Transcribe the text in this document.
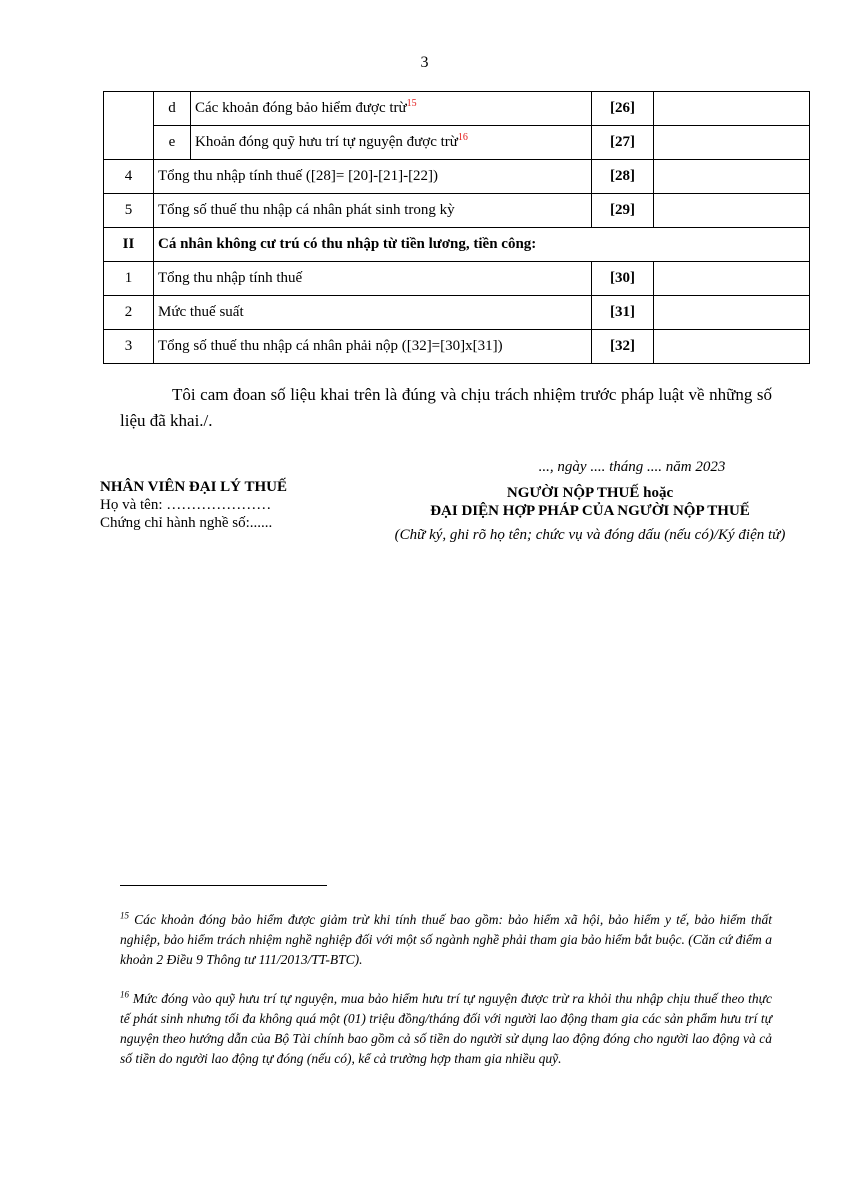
3
	d	Các khoản đóng bảo hiểm được trừ$^{15}$	[26]	
	e	Khoản đóng quỹ hưu trí tự nguyện được trừ$^{16}$	[27]	
4	Tổng thu nhập tính thuế ([28]= [20]-[21]-[22])		[28]	
5	Tổng số thuế thu nhập cá nhân phát sinh trong kỳ		[29]	
II	Cá nhân không cư trú có thu nhập từ tiền lương, tiền công:			
1	Tổng thu nhập tính thuế		[30]	
2	Mức thuế suất		[31]	
3	Tổng số thuế thu nhập cá nhân phải nộp ([32]=[30]x[31])		[32]	
Tôi cam đoan số liệu khai trên là đúng và chịu trách nhiệm trước pháp luật về những số liệu đã khai./.
..., ngày .... tháng .... năm 2023
NHÂN VIÊN ĐẠI LÝ THUẾ
Họ và tên: …………………
Chứng chỉ hành nghề số:......
NGƯỜI NỘP THUẾ hoặc
ĐẠI DIỆN HỢP PHÁP CỦA NGƯỜI NỘP THUẾ
(Chữ ký, ghi rõ họ tên; chức vụ và đóng dấu (nếu có)/Ký điện tử)
$^{15}$ Các khoản đóng bảo hiểm được giảm trừ khi tính thuế bao gồm: bảo hiểm xã hội, bảo hiểm y tế, bảo hiểm thất nghiệp, bảo hiểm trách nhiệm nghề nghiệp đối với một số ngành nghề phải tham gia bảo hiểm bắt buộc. (Căn cứ điểm a khoản 2 Điều 9 Thông tư 111/2013/TT-BTC).
$^{16}$ Mức đóng vào quỹ hưu trí tự nguyện, mua bảo hiểm hưu trí tự nguyện được trừ ra khỏi thu nhập chịu thuế theo thực tế phát sinh nhưng tối đa không quá một (01) triệu đồng/tháng đối với người lao động tham gia các sản phẩm hưu trí tự nguyện theo hướng dẫn của Bộ Tài chính bao gồm cả số tiền do người sử dụng lao động đóng cho người lao động và cả số tiền do người lao động tự đóng (nếu có), kể cả trường hợp tham gia nhiều quỹ.
